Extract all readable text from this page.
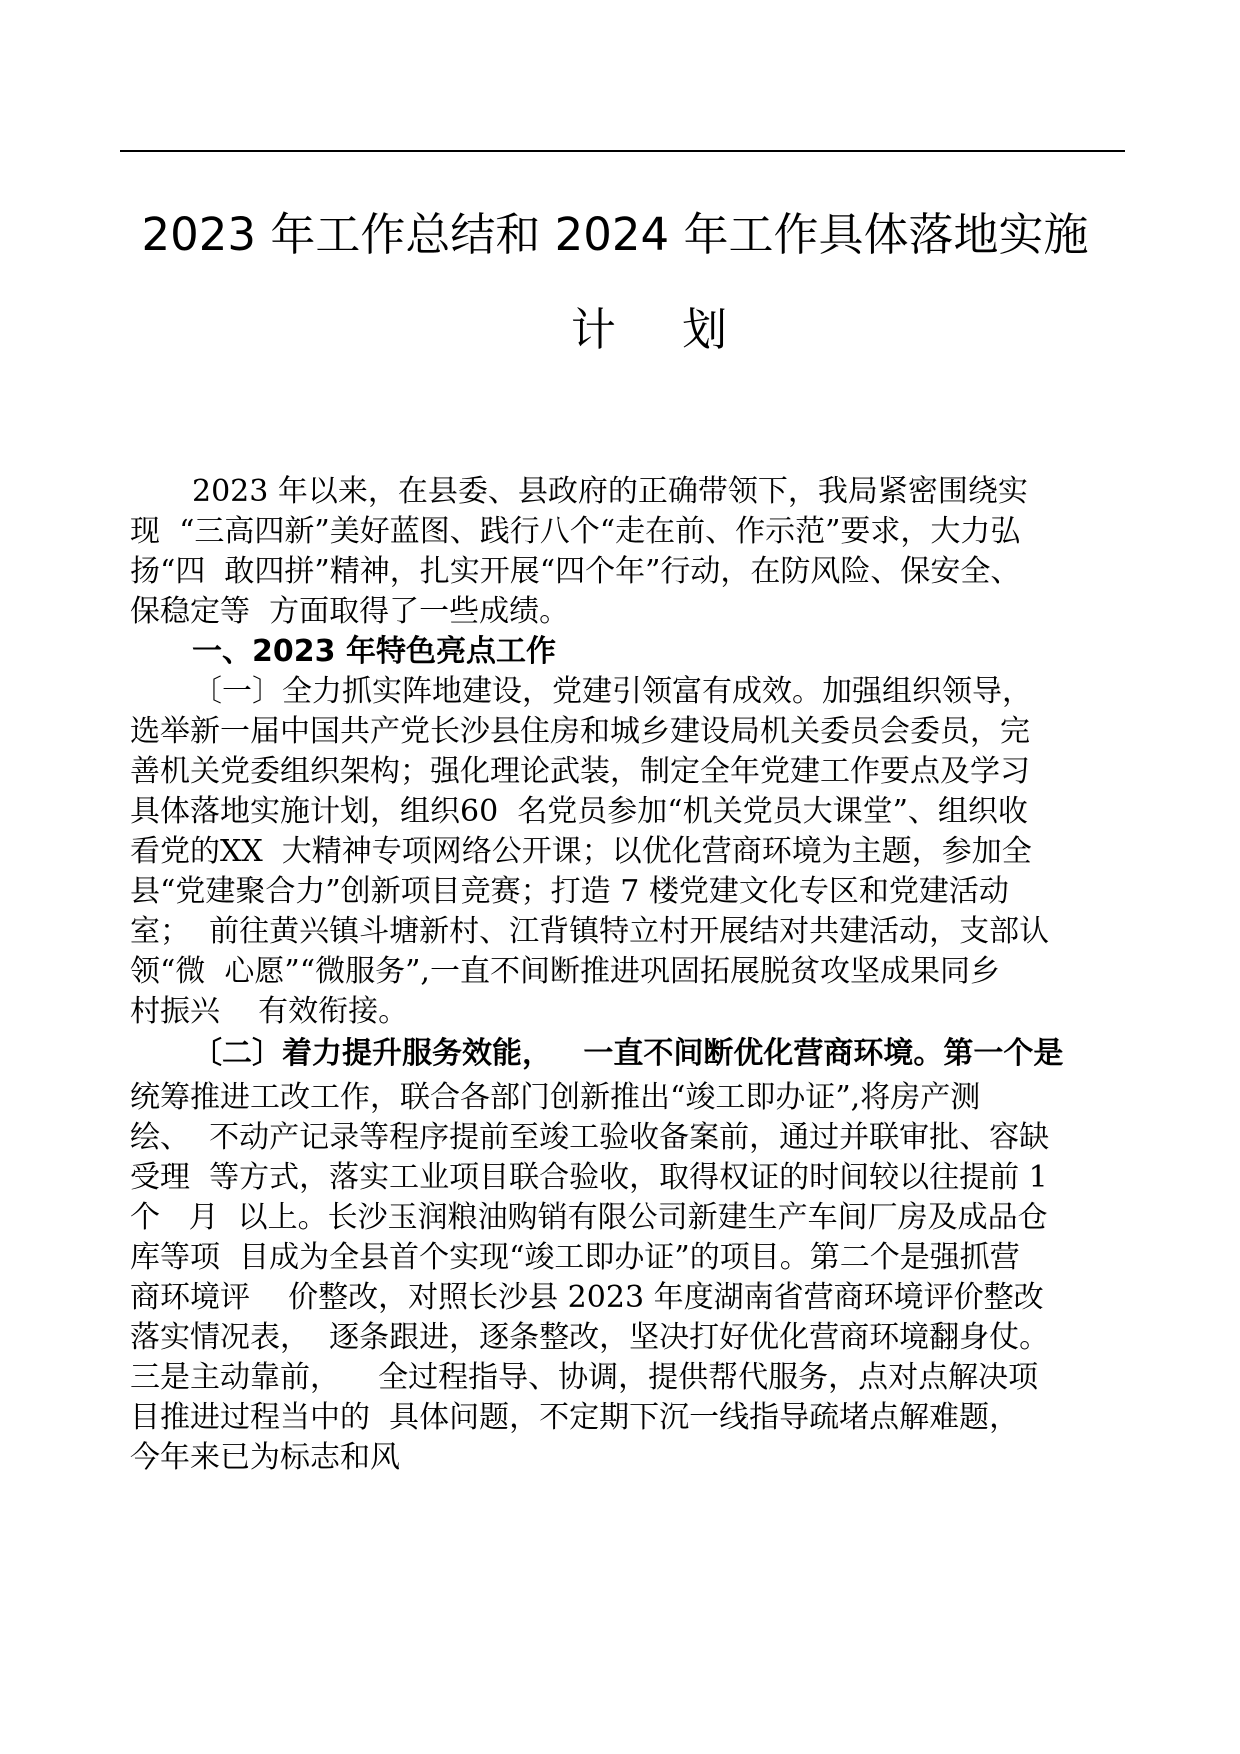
2023 年工作总结和 2024 年工作具体落地实施
计 划
2023 年以来，在县委、县政府的正确带领下，我局紧密围绕实
现  “三高四新”美好蓝图、践行八个“走在前、作示范”要求，大力弘
扬“四  敢四拼”精神，扎实开展“四个年”行动，在防风险、保安全、
保稳定等  方面取得了一些成绩。
一、2023 年特色亮点工作
〔一〕全力抓实阵地建设，党建引领富有成效。加强组织领导，
选举新一届中国共产党长沙县住房和城乡建设局机关委员会委员，完
善机关党委组织架构；强化理论武装，制定全年党建工作要点及学习
具体落地实施计划，组织60  名党员参加“机关党员大课堂”、组织收
看党的XX  大精神专项网络公开课；以优化营商环境为主题，参加全
县“党建聚合力”创新项目竞赛；打造 7 楼党建文化专区和党建活动
室；  前往黄兴镇斗塘新村、江背镇特立村开展结对共建活动，支部认
领“微  心愿”“微服务”,一直不间断推进巩固拓展脱贫攻坚成果同乡
村振兴    有效衔接。
〔二〕着力提升服务效能，   一直不间断优化营商环境。第一个是
统筹推进工改工作，联合各部门创新推出“竣工即办证”,将房产测
绘、  不动产记录等程序提前至竣工验收备案前，通过并联审批、容缺
受理  等方式，落实工业项目联合验收，取得权证的时间较以往提前 1
个   月  以上。长沙玉润粮油购销有限公司新建生产车间厂房及成品仓
库等项  目成为全县首个实现“竣工即办证”的项目。第二个是强抓营
商环境评    价整改，对照长沙县 2023 年度湖南省营商环境评价整改
落实情况表，  逐条跟进，逐条整改，坚决打好优化营商环境翻身仗。
三是主动靠前，    全过程指导、协调，提供帮代服务，点对点解决项
目推进过程当中的  具体问题，不定期下沉一线指导疏堵点解难题，
今年来已为标志和风
